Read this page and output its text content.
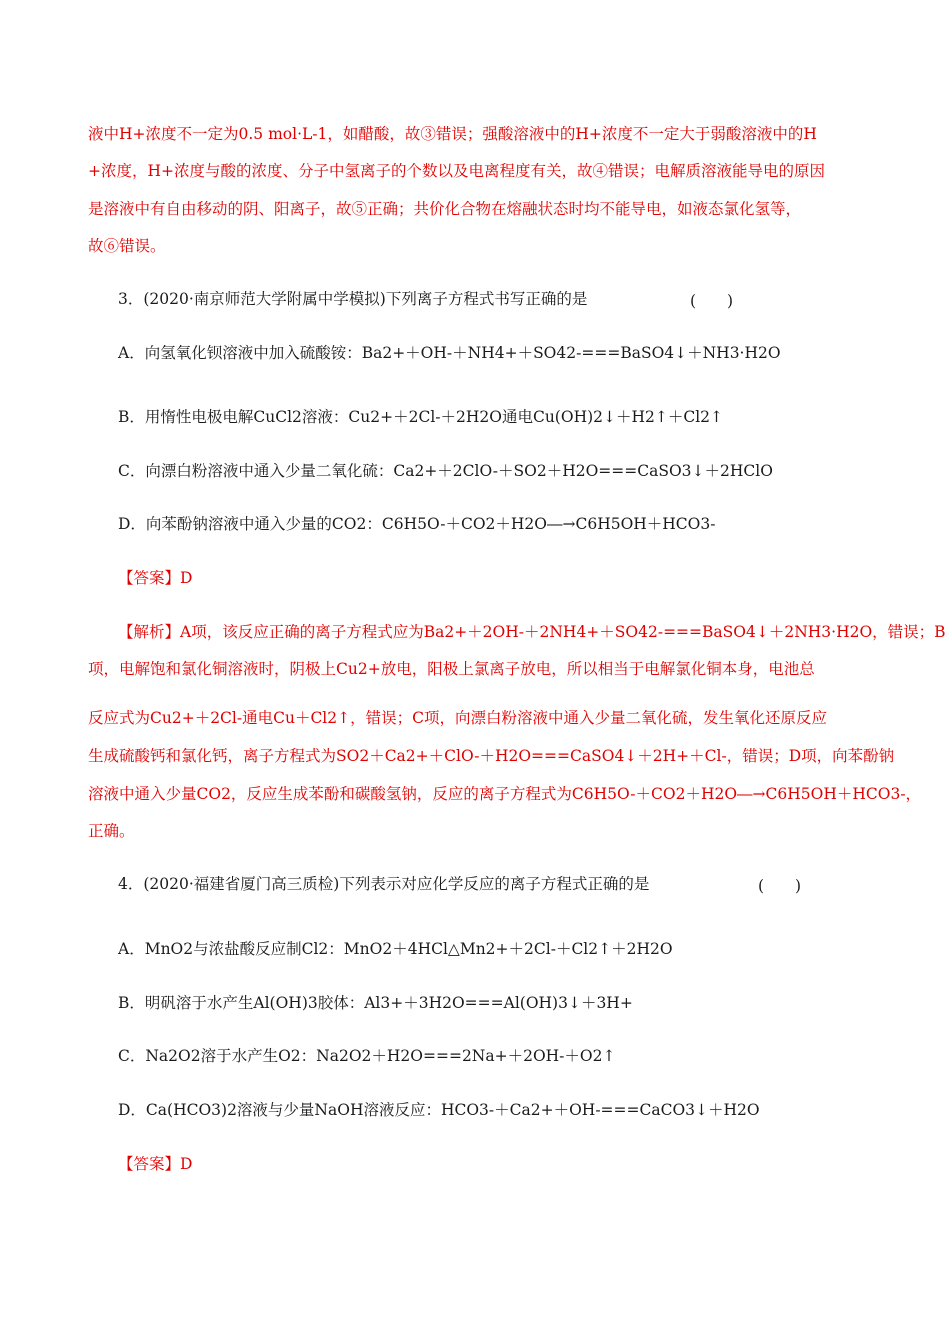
液中H+浓度不一定为0.5 mol·L-1，如醋酸，故③错误；强酸溶液中的H+浓度不一定大于弱酸溶液中的H
+浓度，H+浓度与酸的浓度、分子中氢离子的个数以及电离程度有关，故④错误；电解质溶液能导电的原因
是溶液中有自由移动的阴、阳离子，故⑤正确；共价化合物在熔融状态时均不能导电，如液态氯化氢等，
故⑥错误。
3．(2020·南京师范大学附属中学模拟)下列离子方程式书写正确的是	(　　)
A．向氢氧化钡溶液中加入硫酸铵：Ba2+＋OH-＋NH4+＋SO42-===BaSO4↓＋NH3·H2O
B．用惰性电极电解CuCl2溶液：Cu2+＋2Cl-＋2H2O通电Cu(OH)2↓＋H2↑＋Cl2↑
C．向漂白粉溶液中通入少量二氧化硫：Ca2+＋2ClO-＋SO2＋H2O===CaSO3↓＋2HClO
D．向苯酚钠溶液中通入少量的CO2：C6H5O-＋CO2＋H2O―→C6H5OH＋HCO3-
【答案】D
【解析】A项，该反应正确的离子方程式应为Ba2+＋2OH-＋2NH4+＋SO42-===BaSO4↓＋2NH3·H2O，错误；B
项，电解饱和氯化铜溶液时，阴极上Cu2+放电，阳极上氯离子放电，所以相当于电解氯化铜本身，电池总
反应式为Cu2+＋2Cl-通电Cu＋Cl2↑，错误；C项，向漂白粉溶液中通入少量二氧化硫，发生氧化还原反应
生成硫酸钙和氯化钙，离子方程式为SO2＋Ca2+＋ClO-＋H2O===CaSO4↓＋2H+＋Cl-，错误；D项，向苯酚钠
溶液中通入少量CO2，反应生成苯酚和碳酸氢钠，反应的离子方程式为C6H5O-＋CO2＋H2O―→C6H5OH＋HCO3-，
正确。
4．(2020·福建省厦门高三质检)下列表示对应化学反应的离子方程式正确的是	(　　)
A．MnO2与浓盐酸反应制Cl2：MnO2＋4HCl△Mn2+＋2Cl-＋Cl2↑＋2H2O
B．明矾溶于水产生Al(OH)3胶体：Al3+＋3H2O===Al(OH)3↓＋3H+
C．Na2O2溶于水产生O2：Na2O2＋H2O===2Na+＋2OH-＋O2↑
D．Ca(HCO3)2溶液与少量NaOH溶液反应：HCO3-＋Ca2+＋OH-===CaCO3↓＋H2O
【答案】D
